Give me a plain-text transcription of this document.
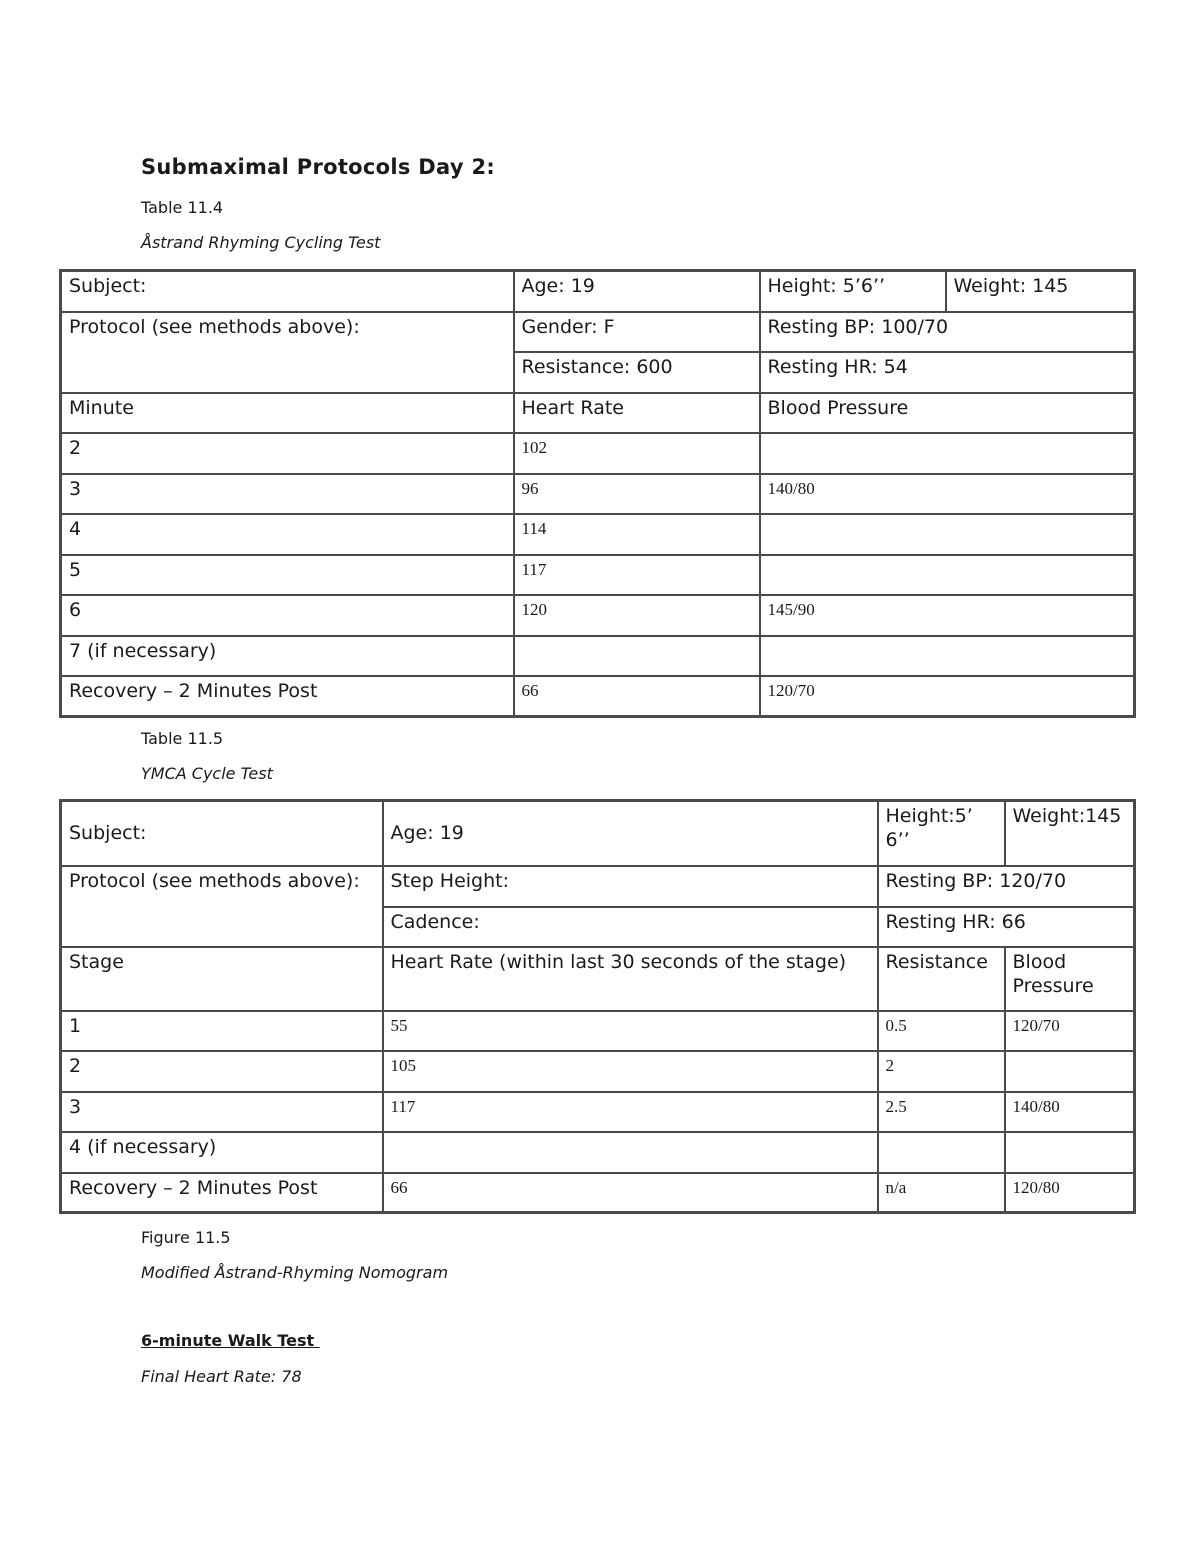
Submaximal Protocols Day 2:
Table 11.4
Åstrand Rhyming Cycling Test
Subject:	Age: 19	Height: 5’6’’	Weight: 145
Protocol (see methods above):	Gender: F	Resting BP: 100/70	
	Resistance: 600	Resting HR: 54	
Minute	Heart Rate	Blood Pressure	
2	102		
3	96	140/80	
4	114		
5	117		
6	120	145/90	
7 (if necessary)			
Recovery – 2 Minutes Post	66	120/70	
Table 11.5
YMCA Cycle Test
Subject:	Age: 19	Height:5’ 6’’	Weight:145
Protocol (see methods above):	Step Height:	Resting BP: 120/70	
	Cadence:	Resting HR: 66	
Stage	Heart Rate (within last 30 seconds of the stage)	Resistance	Blood Pressure
1	55	0.5	120/70
2	105	2	
3	117	2.5	140/80
4 (if necessary)			
Recovery – 2 Minutes Post	66	n/a	120/80
Figure 11.5
Modified Åstrand-Rhyming Nomogram
6-minute Walk Test
Final Heart Rate: 78
